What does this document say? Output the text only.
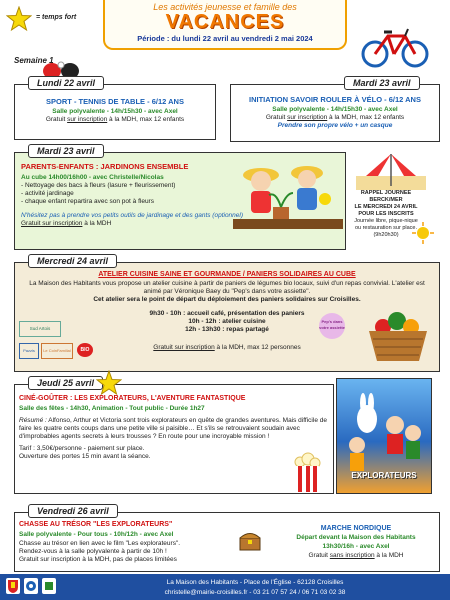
= temps fort
Les activités jeunesse et famille des
VACANCES
Période : du lundi 22 avril au vendredi 2 mai 2024
Semaine 1
SPORT - TENNIS DE TABLE - 6/12 ANS
Salle polyvalente - 14h/15h30 - avec Axel
Gratuit sur inscription à la MDH, max 12 enfants
Lundi 22 avril
INITIATION SAVOIR ROULER À VÉLO - 6/12 ANS
Salle polyvalente - 14h/15h30 - avec Axel
Gratuit sur inscription à la MDH, max 12 enfants
Prendre son propre vélo + un casque
Mardi 23 avril
PARENTS-ENFANTS : JARDINONS ENSEMBLE
Au cube 14h00/16h00 - avec Christelle/Nicolas
- Nettoyage des bacs à fleurs (lasure + fleurissement)
- activité jardinage
- chaque enfant repartira avec son pot à fleurs
N'hésitez pas à prendre vos petits outils de jardinage et des gants (optionnel)
Gratuit sur inscription à la MDH
Mardi 23 avril
RAPPEL JOURNÉE
BERCK/MER
LE MERCREDI 24 AVRIL
POUR LES INSCRITS
Journée libre, pique-nique
ou restauration sur place.
(9h20h30)
ATELIER CUISINE SAINE ET GOURMANDE / PANIERS SOLIDAIRES AU CUBE
La Maison des Habitants vous propose un atelier cuisine à partir de paniers de légumes bio locaux, suivi d'un repas convivial. L'atelier est animé par Véronique Baey du "Pep's dans votre assiette".
Cet atelier sera le point de départ du déploiement des paniers solidaires sur Croisilles.
9h30 - 10h : accueil café, présentation des paniers
10h - 12h : atelier cuisine
12h - 13h30 : repas partagé
Gratuit sur inscription à la MDH, max 12 personnes
Sud Artois
Pazzis	Le CoinFamilial	BIO
Pep's dans votre assiette
Mercredi 24 avril
CINÉ-GOÛTER : LES EXPLORATEURS, L'AVENTURE FANTASTIQUE
Salle des fêtes - 14h30, Animation - Tout public - Durée 1h27
Résumé : Alfonso, Arthur et Victoria sont trois explorateurs en quête de grandes aventures. Mais difficile de faire les quatre cents coups dans une petite ville si paisible… Et s'ils se retrouvaient soudain avec d'improbables agents secrets à leurs trousses ? En route pour une incroyable mission !
Tarif : 3,50€/personne - paiement sur place.
Ouverture des portes 15 min avant la séance.
Jeudi 25 avril
EXPLORATEURS
CHASSE AU TRÉSOR "LES EXPLORATEURS"
Salle polyvalente - Pour tous - 10h/12h - avec Axel
Chasse au trésor en lien avec le film "Les explorateurs".
Rendez-vous à la salle polyvalente à partir de 10h !
Gratuit sur inscription à la MDH, pas de places limitées
MARCHE NORDIQUE
Départ devant la Maison des Habitants
13h30/16h - avec Axel
Gratuit sans inscription à la MDH
Vendredi 26 avril
La Maison des Habitants - Place de l'Église - 62128 Croisilles
christelle@mairie-croisilles.fr - 03 21 07 57 24 / 06 71 03 02 38
